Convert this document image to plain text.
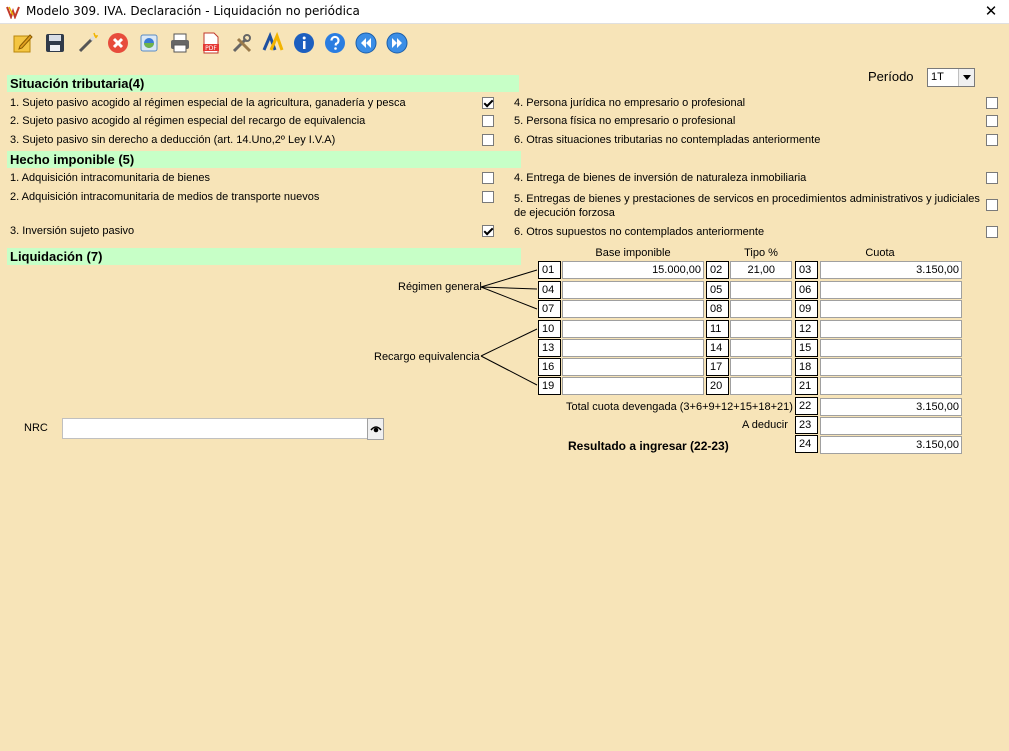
Modelo 309. IVA. Declaración - Liquidación no periódica	✕
PDF
Período	1T
Situación tributaria(4)
1. Sujeto pasivo acogido al régimen especial de la agricultura, ganadería y pesca
2. Sujeto pasivo acogido al régimen especial del recargo de equivalencia
3. Sujeto pasivo sin derecho a deducción (art. 14.Uno,2º Ley I.V.A)
4. Persona jurídica no empresario o profesional
5. Persona física no empresario o profesional
6. Otras situaciones tributarias no contempladas anteriormente
Hecho imponible (5)
1. Adquisición intracomunitaria de bienes
2. Adquisición intracomunitaria de medios de transporte nuevos
3. Inversión sujeto pasivo
4. Entrega de bienes de inversión de naturaleza inmobiliaria
5. Entregas de bienes y prestaciones de servicos en procedimientos administrativos y judiciales de ejecución forzosa
6. Otros supuestos no contemplados anteriormente
Liquidación (7)	Base imponible	Tipo %	Cuota
Régimen general
Recargo equivalencia
01	15.000,00 02	21,00	03	3.150,00
04	05	06
07	08	09
10	11	12
13	14	15
16	17	18
19	20	21
Total cuota devengada (3+6+9+12+15+18+21) 22	3.150,00
A deducir	23
Resultado a ingresar (22-23)	24	3.150,00
NRC
